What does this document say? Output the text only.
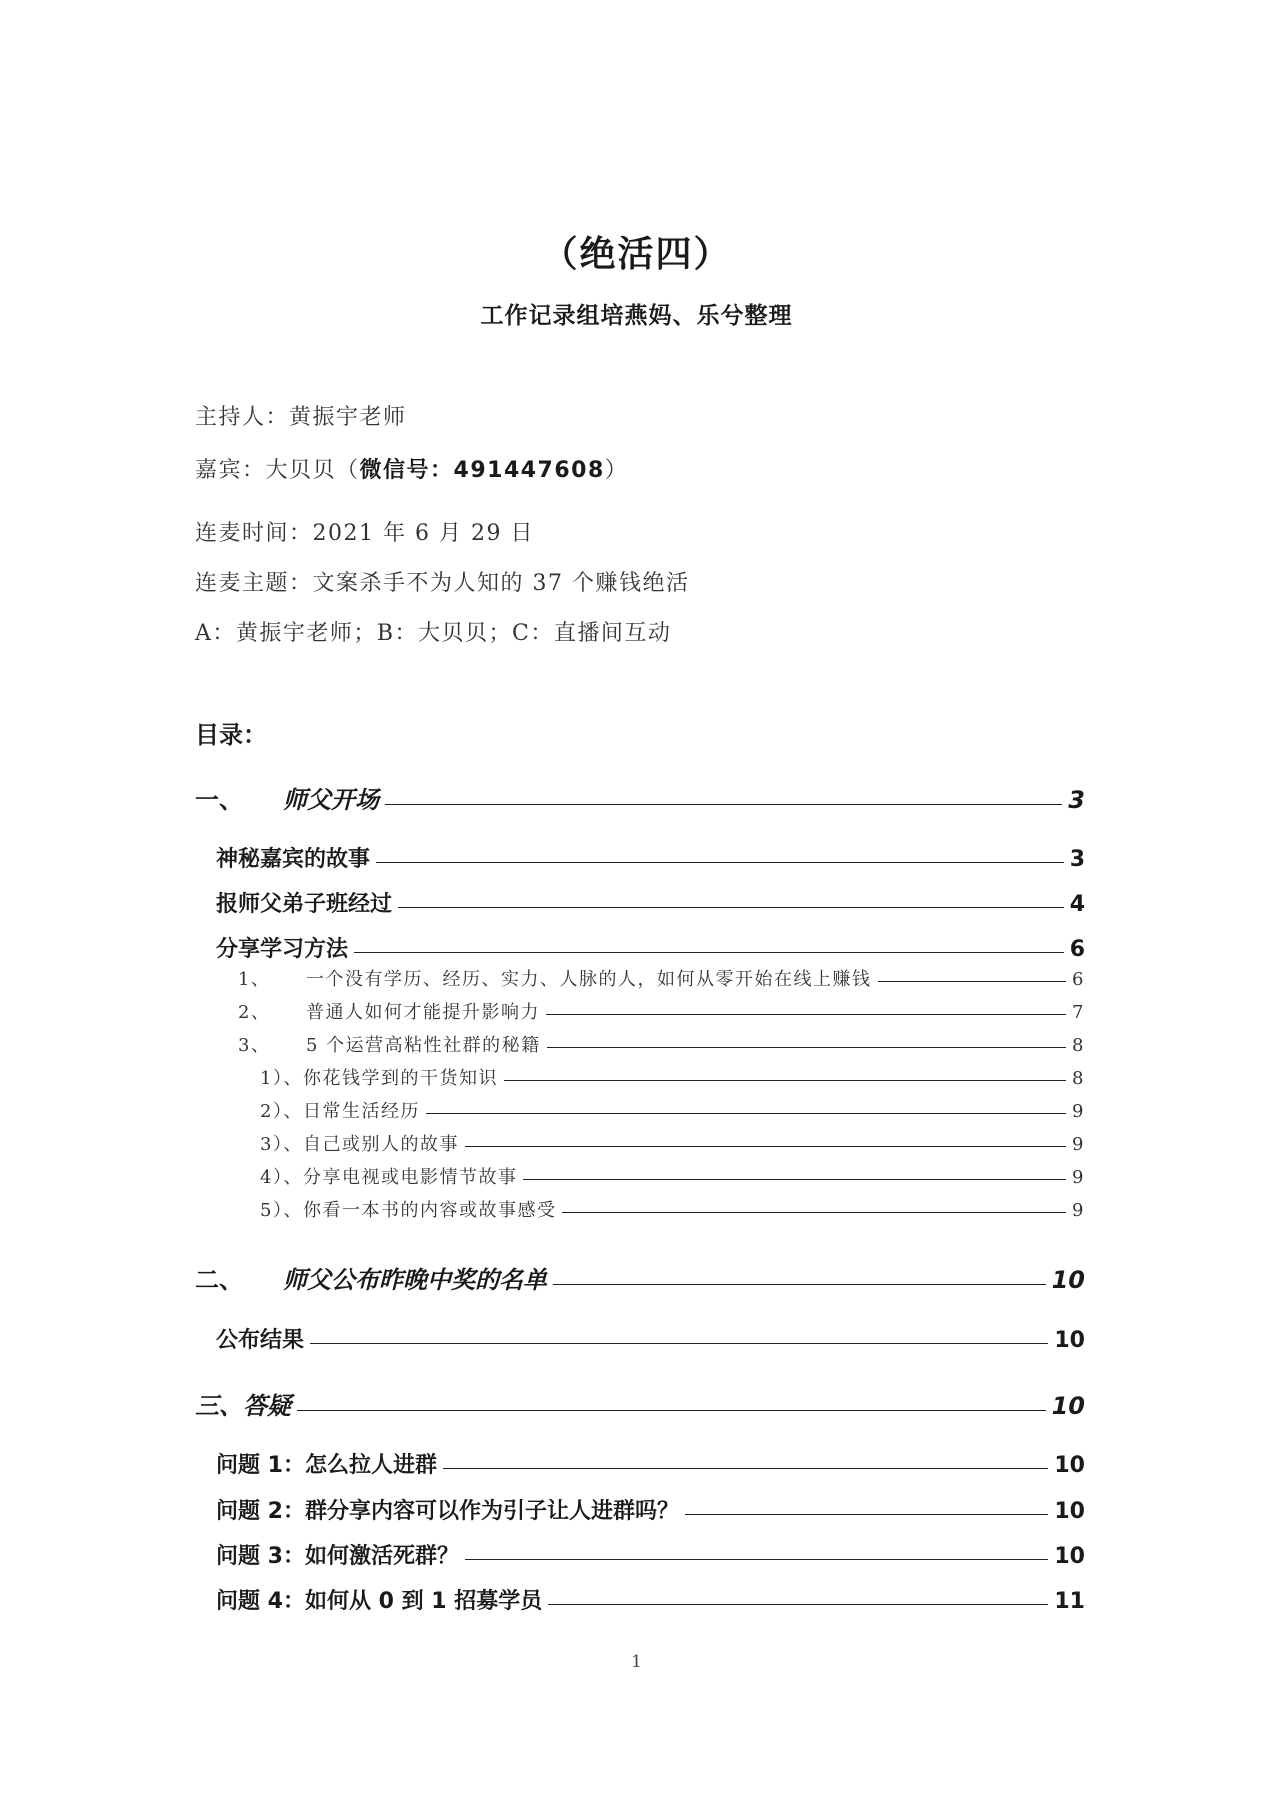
（绝活四）
工作记录组培燕妈、乐兮整理
主持人：黄振宇老师
嘉宾：大贝贝（微信号：491447608）
连麦时间：2021 年 6 月 29 日
连麦主题：文案杀手不为人知的 37 个赚钱绝活
A：黄振宇老师；B：大贝贝；C：直播间互动
目录：
一、	师父开场	3
神秘嘉宾的故事	3
报师父弟子班经过	4
分享学习方法	6
1、	一个没有学历、经历、实力、人脉的人，如何从零开始在线上赚钱	6
2、	普通人如何才能提升影响力	7
3、	5 个运营高粘性社群的秘籍	8
1）、你花钱学到的干货知识	8
2）、日常生活经历	9
3）、自己或别人的故事	9
4）、分享电视或电影情节故事	9
5）、你看一本书的内容或故事感受	9
二、	师父公布昨晚中奖的名单	10
公布结果	10
三、答疑	10
问题 1：怎么拉人进群	10
问题 2：群分享内容可以作为引子让人进群吗？	10
问题 3：如何激活死群？	10
问题 4：如何从 0 到 1 招募学员	11
1
